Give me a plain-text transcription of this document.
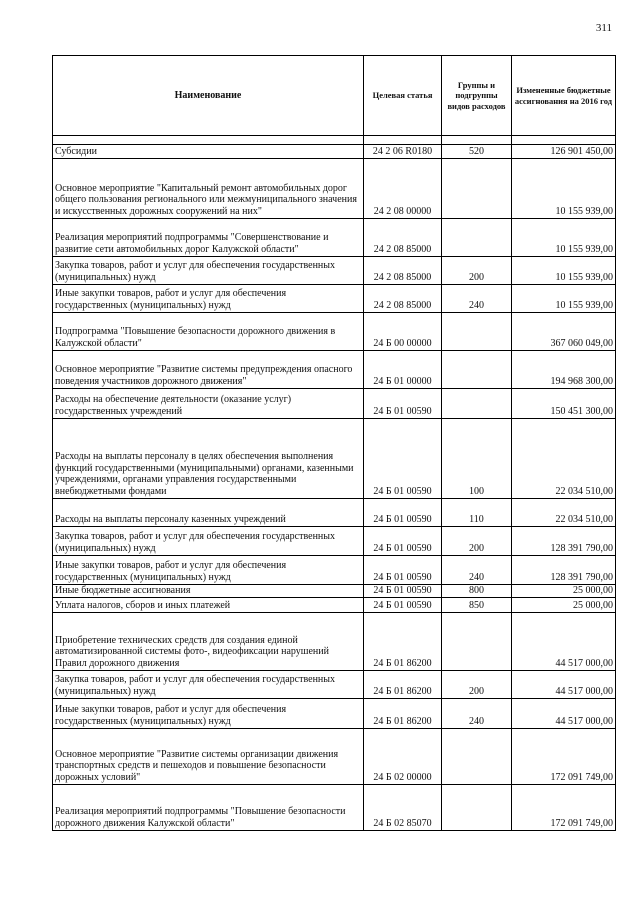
311
Наименование	Целевая статья	Группы и подгруппы видов расходов	Измененные бюджетные ассигнования на 2016 год

Субсидии	24 2 06 R0180	520	126 901 450,00
Основное мероприятие "Капитальный ремонт автомобильных дорог общего пользования регионального или межмуниципального значения и искусственных дорожных сооружений на них"	24 2 08 00000		10 155 939,00
Реализация мероприятий подпрограммы "Совершенствование и развитие сети автомобильных дорог Калужской области"	24 2 08 85000		10 155 939,00
Закупка товаров, работ и услуг для обеспечения государственных (муниципальных) нужд	24 2 08 85000	200	10 155 939,00
Иные закупки товаров, работ и услуг для обеспечения государственных (муниципальных) нужд	24 2 08 85000	240	10 155 939,00
Подпрограмма "Повышение безопасности дорожного движения в Калужской области"	24 Б 00 00000		367 060 049,00
Основное мероприятие "Развитие системы предупреждения опасного поведения участников дорожного движения"	24 Б 01 00000		194 968 300,00
Расходы на обеспечение деятельности (оказание услуг) государственных учреждений	24 Б 01 00590		150 451 300,00
Расходы на выплаты персоналу в целях обеспечения выполнения функций государственными (муниципальными) органами, казенными учреждениями, органами управления государственными внебюджетными фондами	24 Б 01 00590	100	22 034 510,00
Расходы на выплаты персоналу казенных учреждений	24 Б 01 00590	110	22 034 510,00
Закупка товаров, работ и услуг для обеспечения государственных (муниципальных) нужд	24 Б 01 00590	200	128 391 790,00
Иные закупки товаров, работ и услуг для обеспечения государственных (муниципальных) нужд	24 Б 01 00590	240	128 391 790,00
Иные бюджетные ассигнования	24 Б 01 00590	800	25 000,00
Уплата налогов, сборов и иных платежей	24 Б 01 00590	850	25 000,00
Приобретение технических средств для создания единой автоматизированной системы фото-, видеофиксации нарушений Правил дорожного движения	24 Б 01 86200		44 517 000,00
Закупка товаров, работ и услуг для обеспечения государственных (муниципальных) нужд	24 Б 01 86200	200	44 517 000,00
Иные закупки товаров, работ и услуг для обеспечения государственных (муниципальных) нужд	24 Б 01 86200	240	44 517 000,00
Основное мероприятие "Развитие системы организации движения транспортных средств и пешеходов и повышение безопасности дорожных условий"	24 Б 02 00000		172 091 749,00
Реализация мероприятий подпрограммы "Повышение безопасности дорожного движения Калужской области"	24 Б 02 85070		172 091 749,00
